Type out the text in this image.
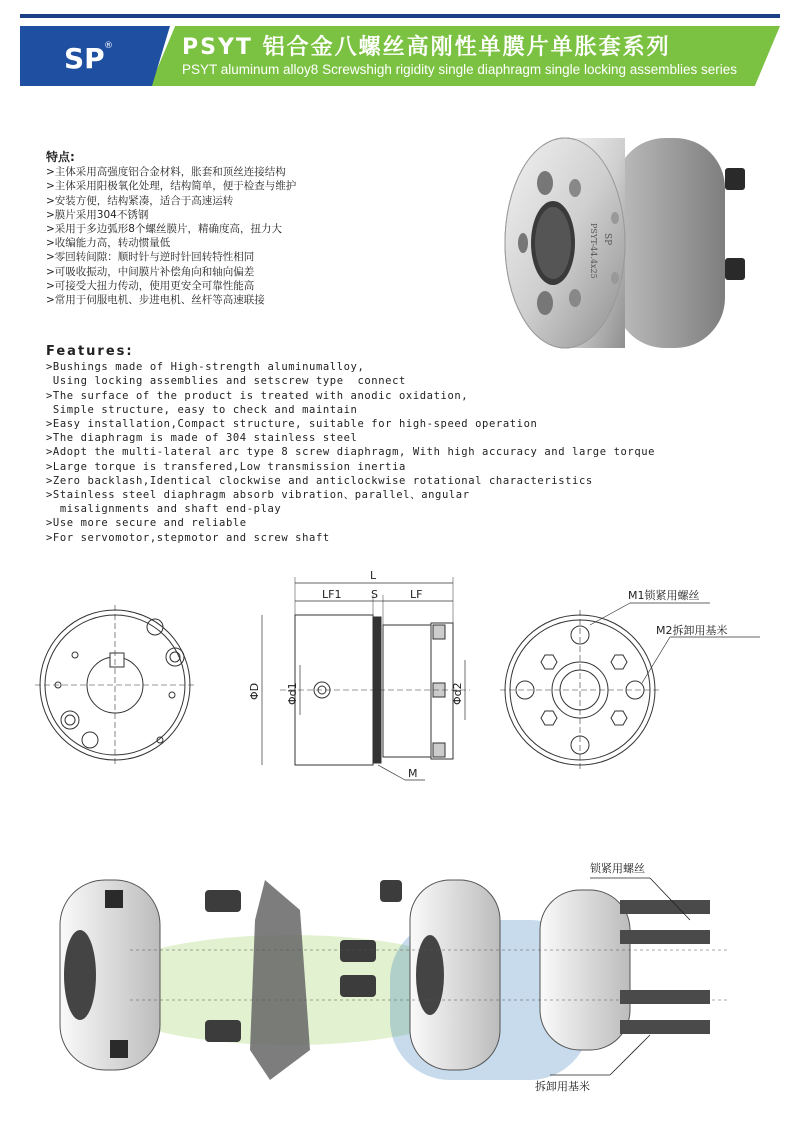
SP ®	PSYT 铝合金八螺丝高刚性单膜片单胀套系列
PSYT aluminum alloy8 Screwshigh rigidity single diaphragm single locking assemblies series
特点:
>主体采用高强度铝合金材料，胀套和顶丝连接结构
>主体采用阳极氧化处理，结构简单，便于检查与维护
>安装方便，结构紧凑，适合于高速运转
>膜片采用304不锈钢
>采用于多边弧形8个螺丝膜片，精确度高，扭力大
>收编能力高，转动惯量低
>零回转间隙：顺时针与逆时针回转特性相同
>可吸收振动，中间膜片补偿角向和轴向偏差
>可接受大扭力传动，使用更安全可靠性能高
>常用于伺服电机、步进电机、丝杆等高速联接
Features:
>Bushings made of High-strength aluminumalloy,
Using locking assemblies and setscrew type  connect
>The surface of the product is treated with anodic oxidation,
Simple structure, easy to check and maintain
>Easy installation,Compact structure, suitable for high-speed operation
>The diaphragm is made of 304 stainless steel
>Adopt the multi-lateral arc type 8 screw diaphragm, With high accuracy and large torque
>Large torque is transfered,Low transmission inertia
>Zero backlash,Identical clockwise and anticlockwise rotational characteristics
>Stainless steel diaphragm absorb vibration、parallel、angular
misalignments and shaft end-play
>Use more secure and reliable
>For servomotor,stepmotor and screw shaft
SP
PSYT-44.4x25
L
LF1	S	LF
ΦD Φd1	Φd2
M
M1锁紧用螺丝
M2拆卸用基米
锁紧用螺丝
拆卸用基米
